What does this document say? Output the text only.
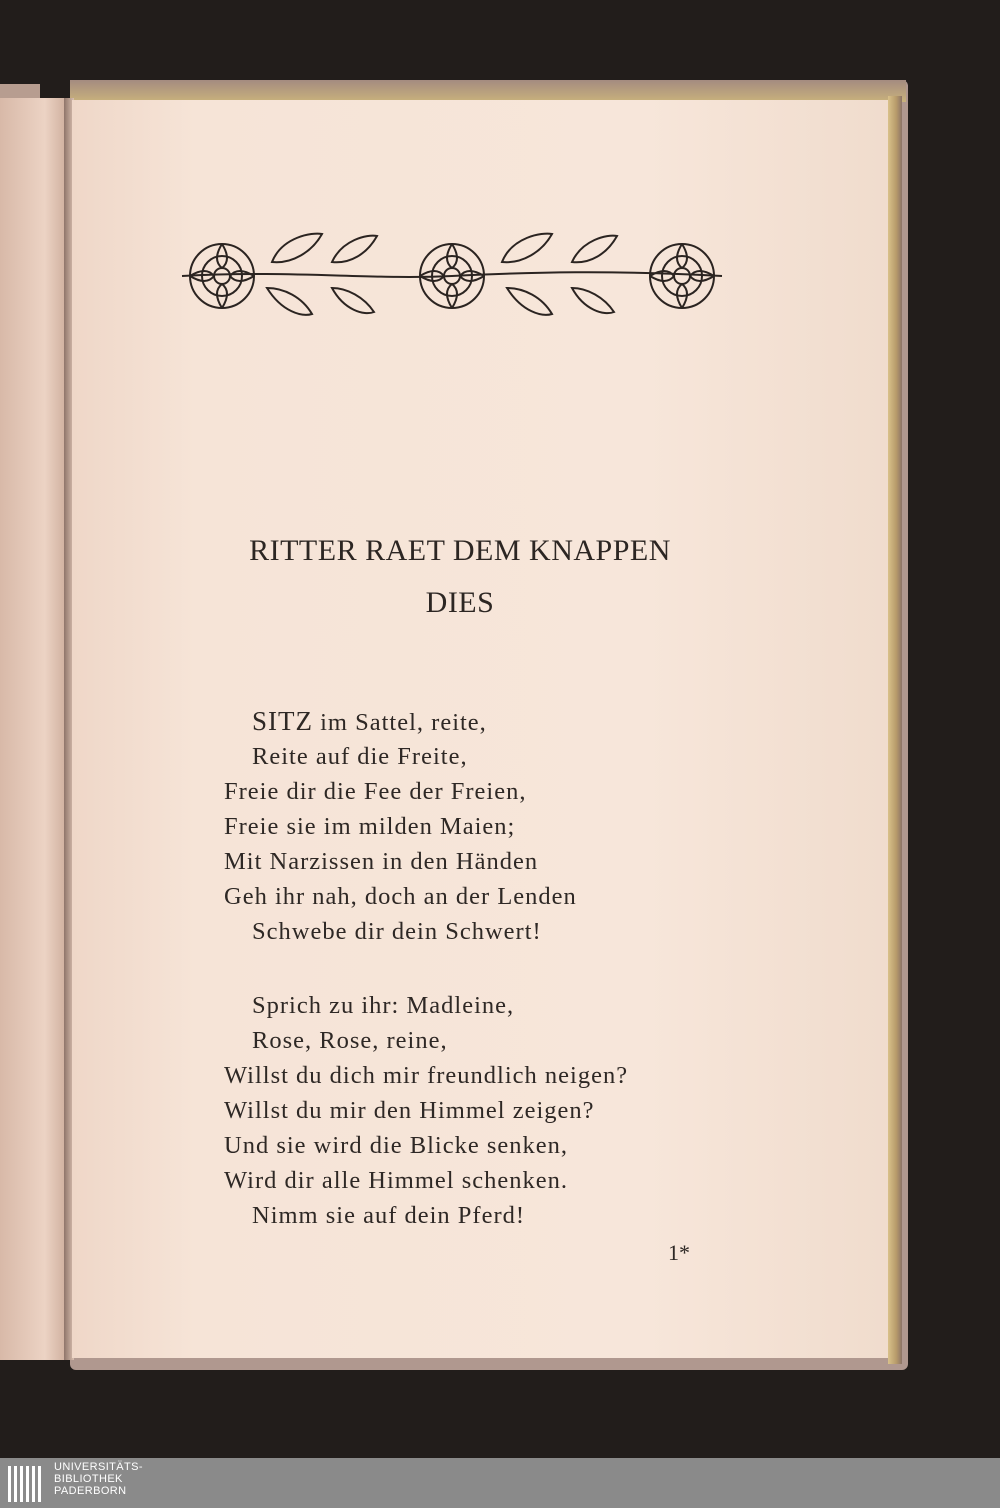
RITTER RAET DEM KNAPPEN
DIES
SITZ im Sattel, reite,
Reite auf die Freite,
Freie dir die Fee der Freien,
Freie sie im milden Maien;
Mit Narzissen in den Händen
Geh ihr nah, doch an der Lenden
Schwebe dir dein Schwert!
Sprich zu ihr: Madleine,
Rose, Rose, reine,
Willst du dich mir freundlich neigen?
Willst du mir den Himmel zeigen?
Und sie wird die Blicke senken,
Wird dir alle Himmel schenken.
Nimm sie auf dein Pferd!
1*
UNIVERSITÄTS-
BIBLIOTHEK
PADERBORN
